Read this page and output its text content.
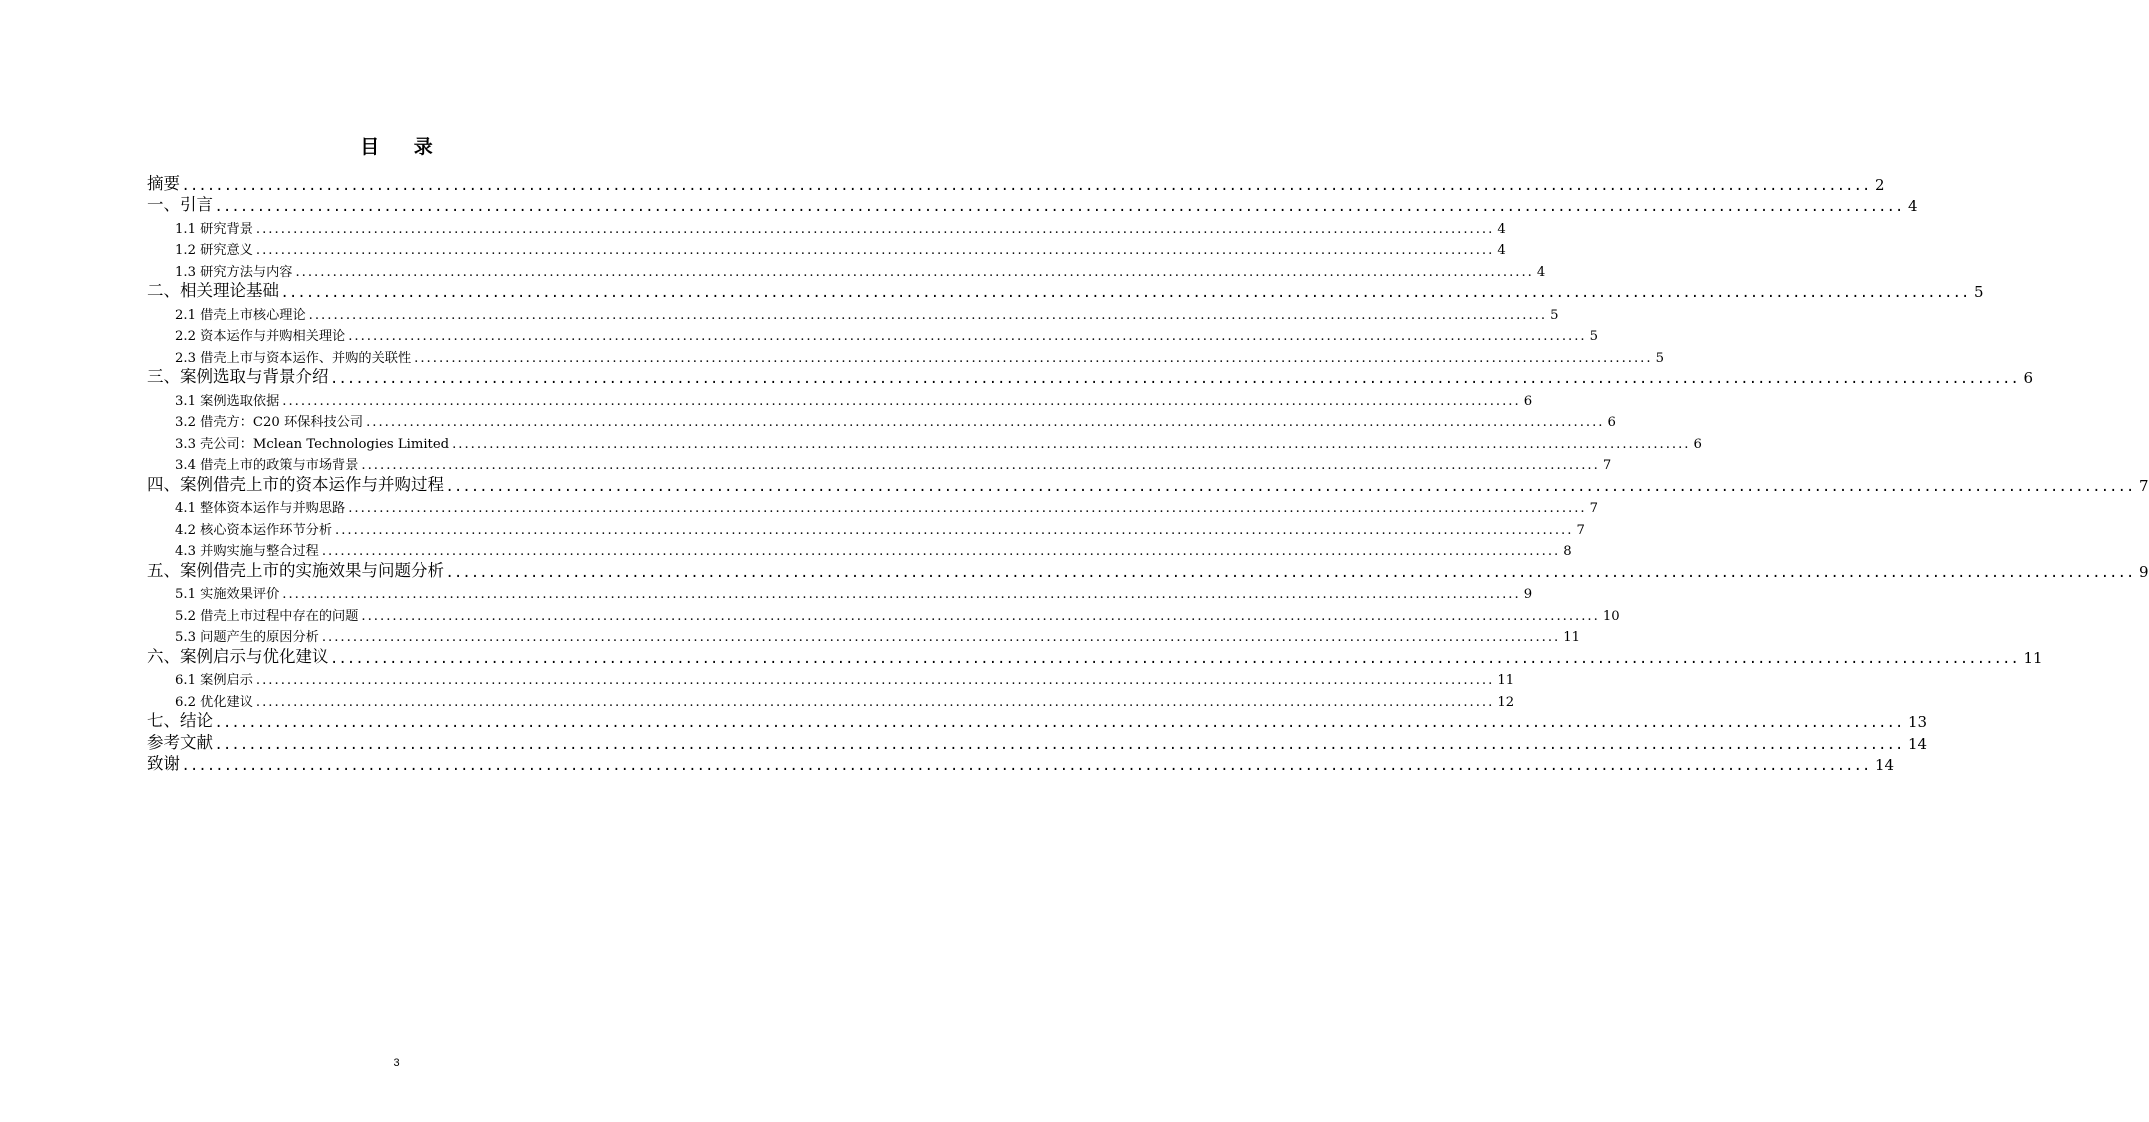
目 录
摘要 ........................................................................................................................................................................................................ 2
一、引言 ........................................................................................................................................................................................................ 4
1.1 研究背景 ........................................................................................................................................................................................................ 4
1.2 研究意义 ........................................................................................................................................................................................................ 4
1.3 研究方法与内容 ........................................................................................................................................................................................................ 4
二、相关理论基础 ........................................................................................................................................................................................................ 5
2.1 借壳上市核心理论 ........................................................................................................................................................................................................ 5
2.2 资本运作与并购相关理论 ........................................................................................................................................................................................................ 5
2.3 借壳上市与资本运作、并购的关联性 ........................................................................................................................................................................................................ 5
三、案例选取与背景介绍 ........................................................................................................................................................................................................ 6
3.1 案例选取依据 ........................................................................................................................................................................................................ 6
3.2 借壳方：C20 环保科技公司 ........................................................................................................................................................................................................ 6
3.3 壳公司：Mclean Technologies Limited ........................................................................................................................................................................................................ 6
3.4 借壳上市的政策与市场背景 ........................................................................................................................................................................................................ 7
四、案例借壳上市的资本运作与并购过程 ........................................................................................................................................................................................................ 7
4.1 整体资本运作与并购思路 ........................................................................................................................................................................................................ 7
4.2 核心资本运作环节分析 ........................................................................................................................................................................................................ 7
4.3 并购实施与整合过程 ........................................................................................................................................................................................................ 8
五、案例借壳上市的实施效果与问题分析 ........................................................................................................................................................................................................ 9
5.1 实施效果评价 ........................................................................................................................................................................................................ 9
5.2 借壳上市过程中存在的问题 ........................................................................................................................................................................................................ 10
5.3 问题产生的原因分析 ........................................................................................................................................................................................................ 11
六、案例启示与优化建议 ........................................................................................................................................................................................................ 11
6.1 案例启示 ........................................................................................................................................................................................................ 11
6.2 优化建议 ........................................................................................................................................................................................................ 12
七、结论 ........................................................................................................................................................................................................ 13
参考文献 ........................................................................................................................................................................................................ 14
致谢 ........................................................................................................................................................................................................ 14
3
